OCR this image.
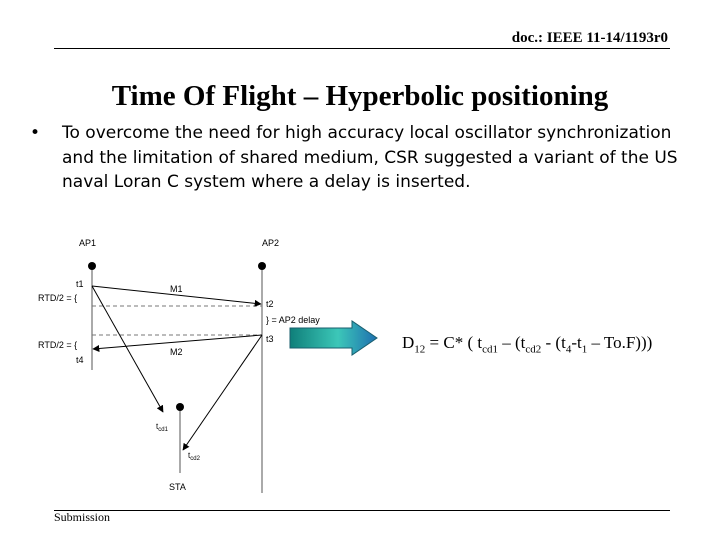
doc.: IEEE 11-14/1193r0
Time Of Flight – Hyperbolic positioning
• To overcome the need for high accuracy local oscillator synchronization and the limitation of shared medium, CSR suggested a variant of the US naval Loran C system where a delay is inserted.
AP1	AP2
t1
RTD/2 = {
M1
t2
} = AP2 delay
t3
RTD/2 = {
M2
t4
$t_{cd1}$
$t_{cd2}$
STA
$D_{12} = C*$ ( $t_{cd1} - (t_{cd2} - (t_4-t_1 - To.F))$)
Submission
